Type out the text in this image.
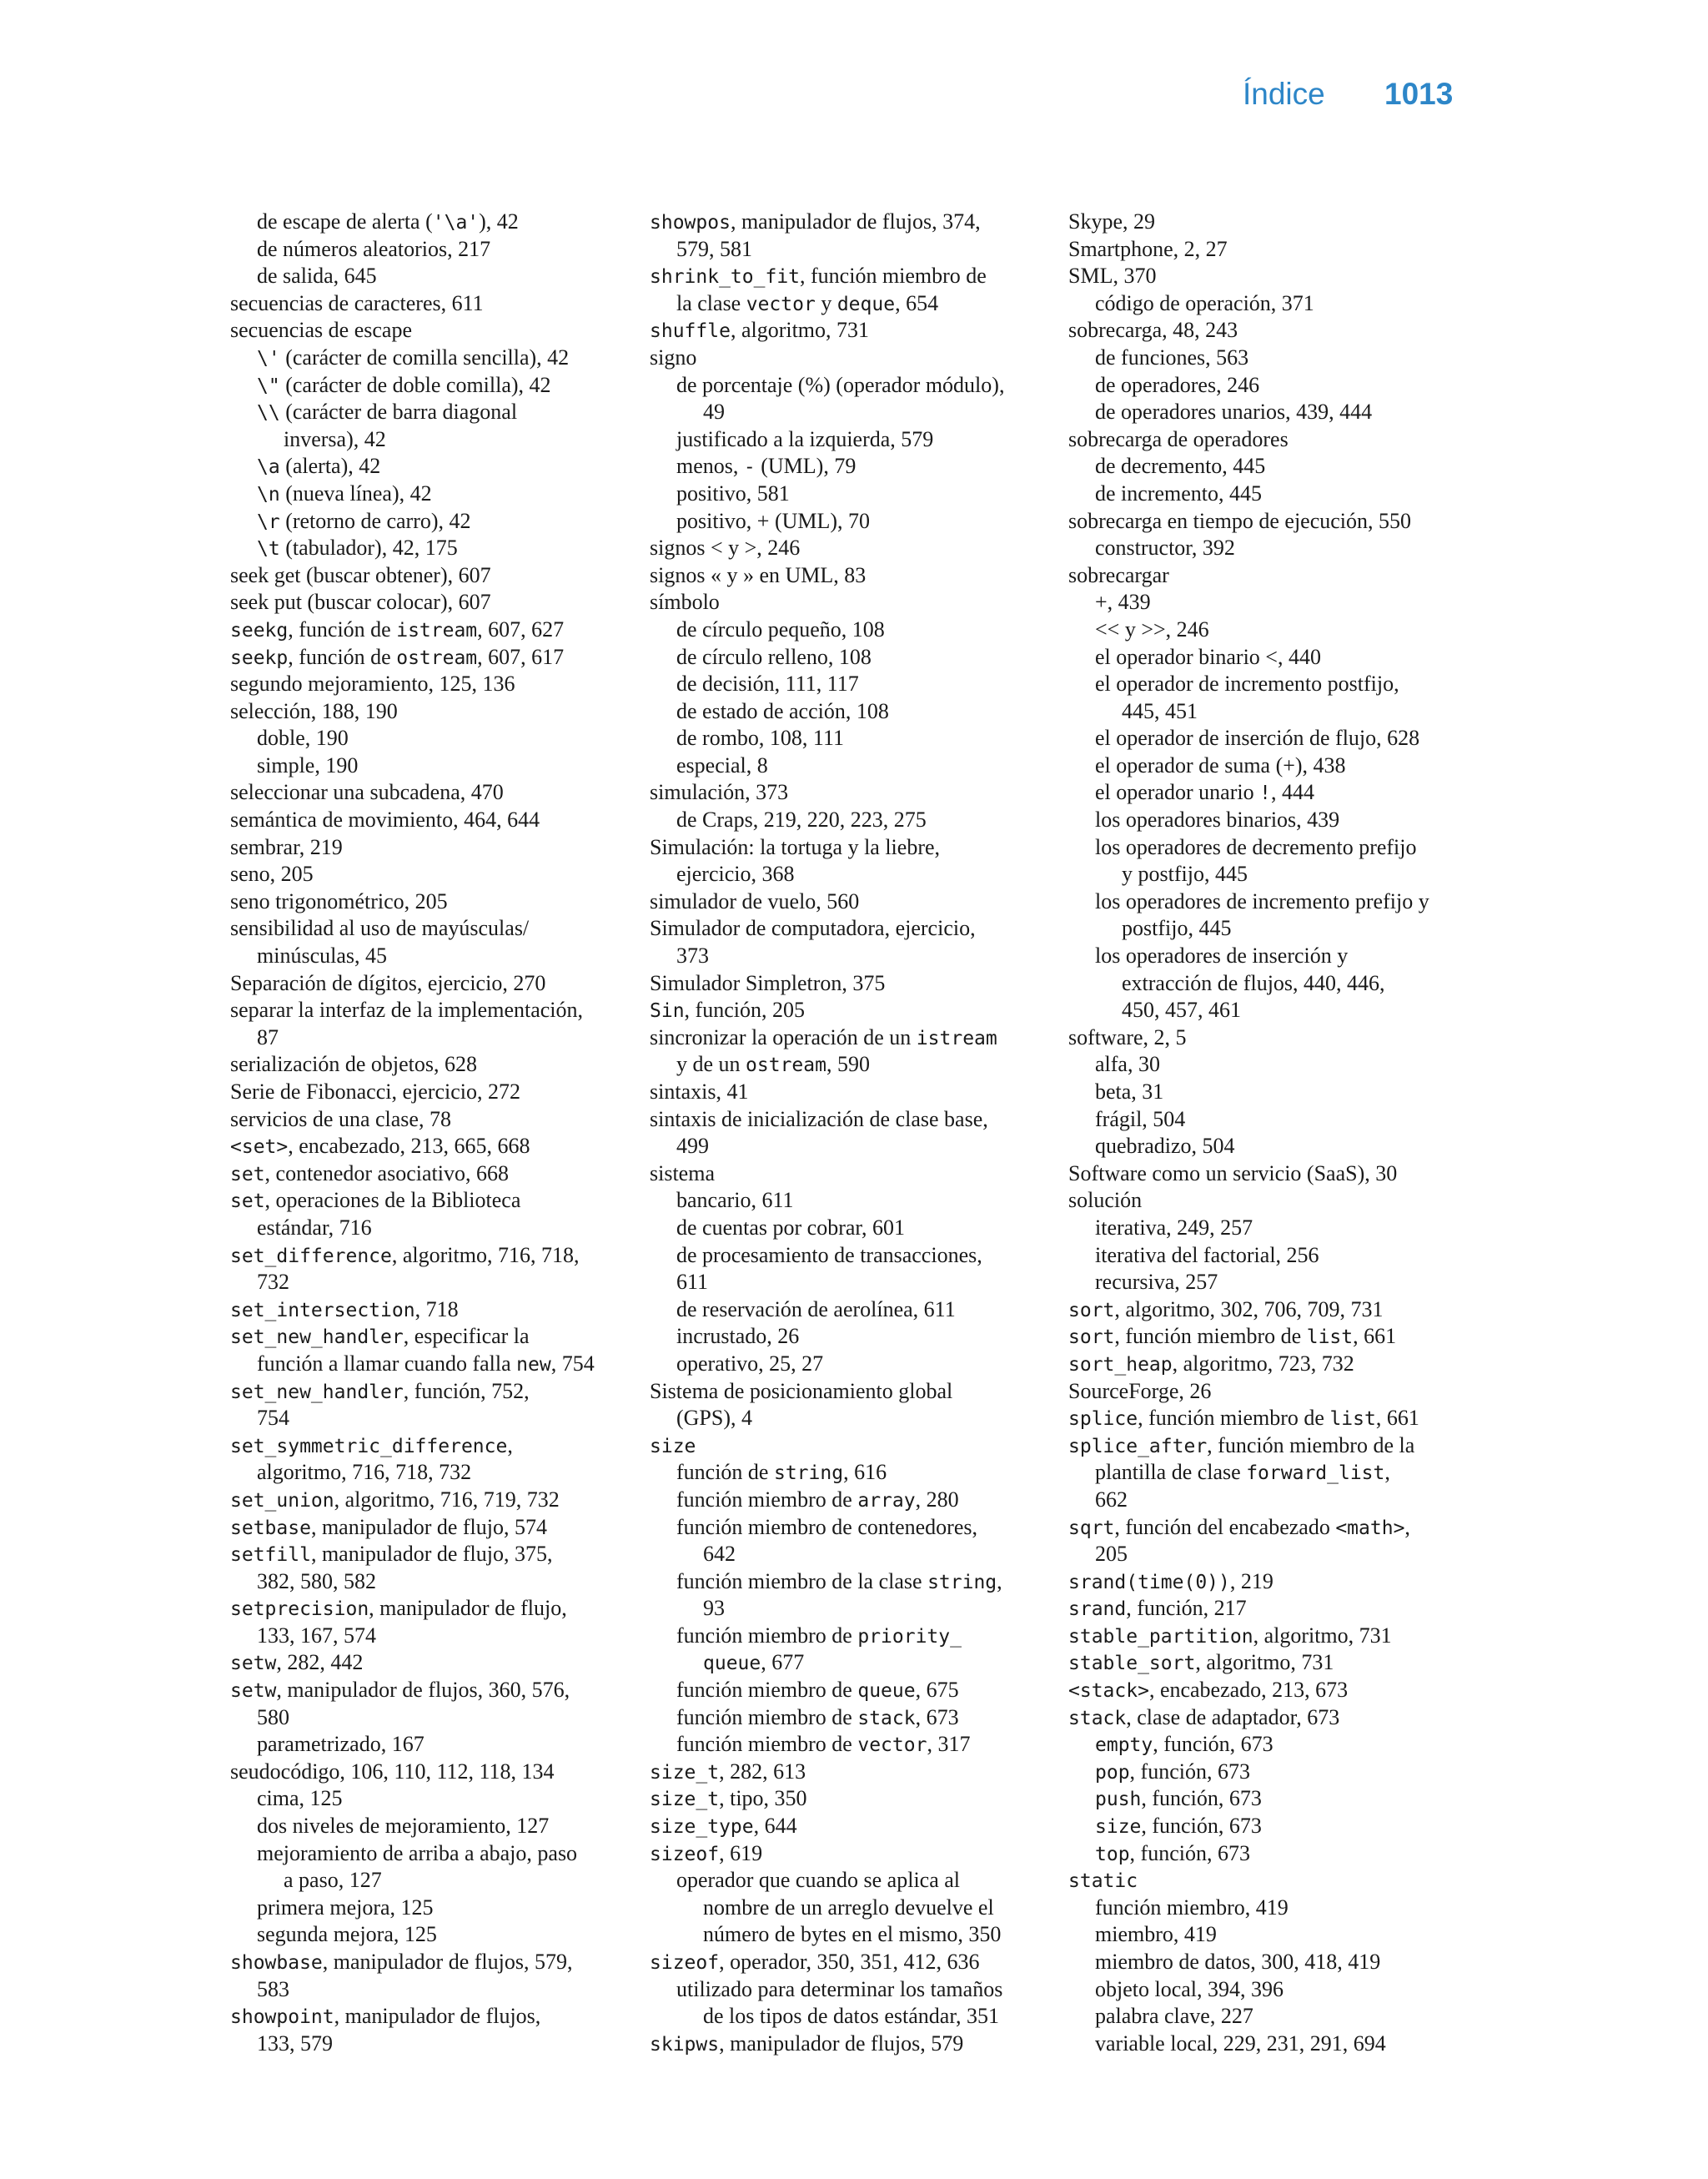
Índice 1013
de escape de alerta ('\a'), 42
de números aleatorios, 217
de salida, 645
secuencias de caracteres, 611
secuencias de escape
\' (carácter de comilla sencilla), 42
\" (carácter de doble comilla), 42
\\ (carácter de barra diagonal
inversa), 42
\a (alerta), 42
\n (nueva línea), 42
\r (retorno de carro), 42
\t (tabulador), 42, 175
seek get (buscar obtener), 607
seek put (buscar colocar), 607
seekg, función de istream, 607, 627
seekp, función de ostream, 607, 617
segundo mejoramiento, 125, 136
selección, 188, 190
doble, 190
simple, 190
seleccionar una subcadena, 470
semántica de movimiento, 464, 644
sembrar, 219
seno, 205
seno trigonométrico, 205
sensibilidad al uso de mayúsculas/
minúsculas, 45
Separación de dígitos, ejercicio, 270
separar la interfaz de la implementación,
87
serialización de objetos, 628
Serie de Fibonacci, ejercicio, 272
servicios de una clase, 78
<set>, encabezado, 213, 665, 668
set, contenedor asociativo, 668
set, operaciones de la Biblioteca
estándar, 716
set_difference, algoritmo, 716, 718,
732
set_intersection, 718
set_new_handler, especificar la
función a llamar cuando falla new, 754
set_new_handler, función, 752,
754
set_symmetric_difference,
algoritmo, 716, 718, 732
set_union, algoritmo, 716, 719, 732
setbase, manipulador de flujo, 574
setfill, manipulador de flujo, 375,
382, 580, 582
setprecision, manipulador de flujo,
133, 167, 574
setw, 282, 442
setw, manipulador de flujos, 360, 576,
580
parametrizado, 167
seudocódigo, 106, 110, 112, 118, 134
cima, 125
dos niveles de mejoramiento, 127
mejoramiento de arriba a abajo, paso
a paso, 127
primera mejora, 125
segunda mejora, 125
showbase, manipulador de flujos, 579,
583
showpoint, manipulador de flujos,
133, 579
showpos, manipulador de flujos, 374,
579, 581
shrink_to_fit, función miembro de
la clase vector y deque, 654
shuffle, algoritmo, 731
signo
de porcentaje (%) (operador módulo),
49
justificado a la izquierda, 579
menos, - (UML), 79
positivo, 581
positivo, + (UML), 70
signos < y >, 246
signos « y » en UML, 83
símbolo
de círculo pequeño, 108
de círculo relleno, 108
de decisión, 111, 117
de estado de acción, 108
de rombo, 108, 111
especial, 8
simulación, 373
de Craps, 219, 220, 223, 275
Simulación: la tortuga y la liebre,
ejercicio, 368
simulador de vuelo, 560
Simulador de computadora, ejercicio,
373
Simulador Simpletron, 375
Sin, función, 205
sincronizar la operación de un istream
y de un ostream, 590
sintaxis, 41
sintaxis de inicialización de clase base,
499
sistema
bancario, 611
de cuentas por cobrar, 601
de procesamiento de transacciones,
611
de reservación de aerolínea, 611
incrustado, 26
operativo, 25, 27
Sistema de posicionamiento global
(GPS), 4
size
función de string, 616
función miembro de array, 280
función miembro de contenedores,
642
función miembro de la clase string,
93
función miembro de priority_
queue, 677
función miembro de queue, 675
función miembro de stack, 673
función miembro de vector, 317
size_t, 282, 613
size_t, tipo, 350
size_type, 644
sizeof, 619
operador que cuando se aplica al
nombre de un arreglo devuelve el
número de bytes en el mismo, 350
sizeof, operador, 350, 351, 412, 636
utilizado para determinar los tamaños
de los tipos de datos estándar, 351
skipws, manipulador de flujos, 579
Skype, 29
Smartphone, 2, 27
SML, 370
código de operación, 371
sobrecarga, 48, 243
de funciones, 563
de operadores, 246
de operadores unarios, 439, 444
sobrecarga de operadores
de decremento, 445
de incremento, 445
sobrecarga en tiempo de ejecución, 550
constructor, 392
sobrecargar
+, 439
<< y >>, 246
el operador binario <, 440
el operador de incremento postfijo,
445, 451
el operador de inserción de flujo, 628
el operador de suma (+), 438
el operador unario !, 444
los operadores binarios, 439
los operadores de decremento prefijo
y postfijo, 445
los operadores de incremento prefijo y
postfijo, 445
los operadores de inserción y
extracción de flujos, 440, 446,
450, 457, 461
software, 2, 5
alfa, 30
beta, 31
frágil, 504
quebradizo, 504
Software como un servicio (SaaS), 30
solución
iterativa, 249, 257
iterativa del factorial, 256
recursiva, 257
sort, algoritmo, 302, 706, 709, 731
sort, función miembro de list, 661
sort_heap, algoritmo, 723, 732
SourceForge, 26
splice, función miembro de list, 661
splice_after, función miembro de la
plantilla de clase forward_list,
662
sqrt, función del encabezado <math>,
205
srand(time(0)), 219
srand, función, 217
stable_partition, algoritmo, 731
stable_sort, algoritmo, 731
<stack>, encabezado, 213, 673
stack, clase de adaptador, 673
empty, función, 673
pop, función, 673
push, función, 673
size, función, 673
top, función, 673
static
función miembro, 419
miembro, 419
miembro de datos, 300, 418, 419
objeto local, 394, 396
palabra clave, 227
variable local, 229, 231, 291, 694
